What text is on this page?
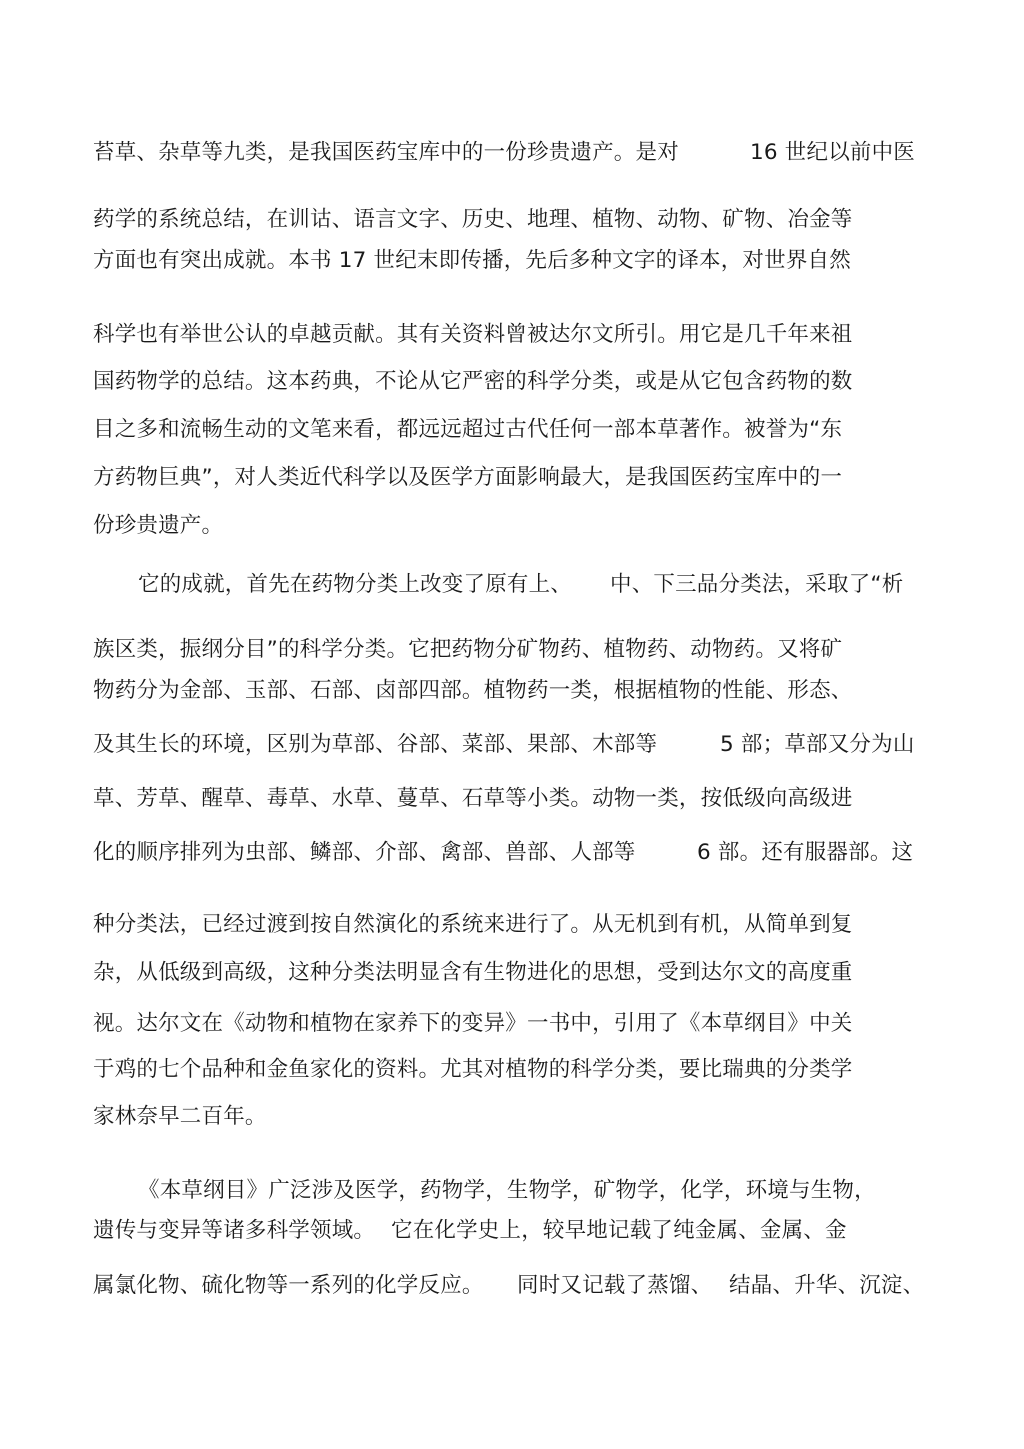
苔草、杂草等九类，是我国医药宝库中的一份珍贵遗产。是对	16 世纪以前中医

药学的系统总结，在训诂、语言文字、历史、地理、植物、动物、矿物、冶金等

方面也有突出成就。本书 17 世纪末即传播，先后多种文字的译本，对世界自然

科学也有举世公认的卓越贡献。其有关资料曾被达尔文所引。用它是几千年来祖

国药物学的总结。这本药典，不论从它严密的科学分类，或是从它包含药物的数

目之多和流畅生动的文笔来看，都远远超过古代任何一部本草著作。被誉为“东

方药物巨典”，对人类近代科学以及医学方面影响最大，是我国医药宝库中的一

份珍贵遗产。

它的成就，首先在药物分类上改变了原有上、 中、下三品分类法，采取了“析

族区类，振纲分目”的科学分类。它把药物分矿物药、植物药、动物药。又将矿

物药分为金部、玉部、石部、卤部四部。植物药一类，根据植物的性能、形态、

及其生长的环境，区别为草部、谷部、菜部、果部、木部等	5 部；草部又分为山

草、芳草、醒草、毒草、水草、蔓草、石草等小类。动物一类，按低级向高级进

化的顺序排列为虫部、鳞部、介部、禽部、兽部、人部等	6 部。还有服器部。这

种分类法，已经过渡到按自然演化的系统来进行了。从无机到有机，从简单到复

杂，从低级到高级，这种分类法明显含有生物进化的思想，受到达尔文的高度重

视。达尔文在《动物和植物在家养下的变异》一书中，引用了《本草纲目》中关

于鸡的七个品种和金鱼家化的资料。尤其对植物的科学分类，要比瑞典的分类学

家林奈早二百年。

《本草纲目》广泛涉及医学，药物学，生物学，矿物学，化学，环境与生物，

遗传与变异等诸多科学领域。 它在化学史上，较早地记载了纯金属、金属、金

属氯化物、硫化物等一系列的化学反应。 同时又记载了蒸馏、 结晶、升华、沉淀、
